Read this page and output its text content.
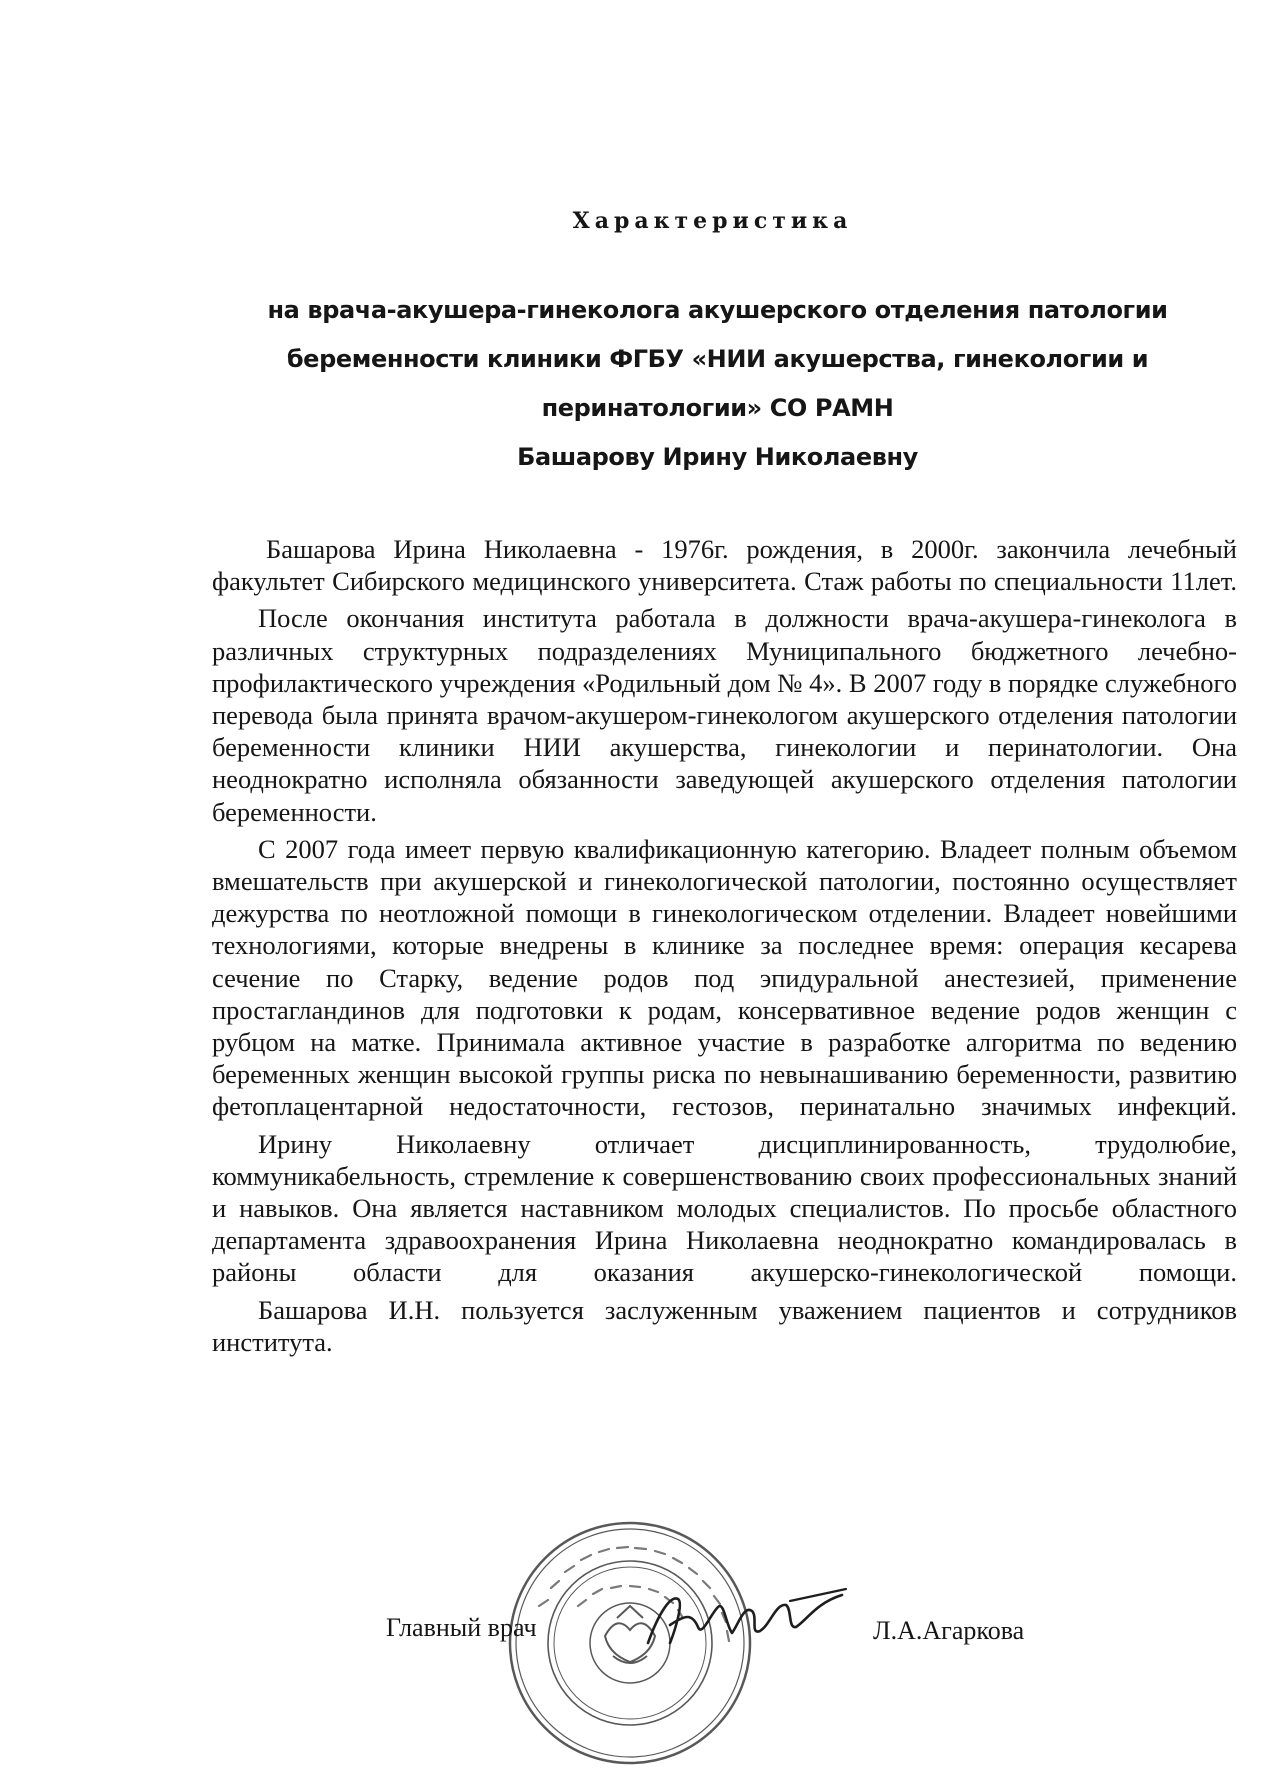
Характеристика
на врача-акушера-гинеколога акушерского отделения патологии
беременности клиники ФГБУ «НИИ акушерства, гинекологии и
перинатологии» СО РАМН
Башарову Ирину Николаевну

Башарова Ирина Николаевна - 1976г. рождения, в 2000г. закончила лечебный факультет Сибирского медицинского университета. Стаж работы по специальности 11лет.

После окончания института работала в должности врача-акушера-гинеколога в различных структурных подразделениях Муниципального бюджетного лечебно-профилактического учреждения «Родильный дом № 4». В 2007 году в порядке служебного перевода была принята врачом-акушером-гинекологом акушерского отделения патологии беременности клиники НИИ акушерства, гинекологии и перинатологии. Она неоднократно исполняла обязанности заведующей акушерского отделения патологии беременности.

С 2007 года имеет первую квалификационную категорию. Владеет полным объемом вмешательств при акушерской и гинекологической патологии, постоянно осуществляет дежурства по неотложной помощи в гинекологическом отделении. Владеет новейшими технологиями, которые внедрены в клинике за последнее время: операция кесарева сечение по Старку, ведение родов под эпидуральной анестезией, применение простагландинов для подготовки к родам, консервативное ведение родов женщин с рубцом на матке. Принимала активное участие в разработке алгоритма по ведению беременных женщин высокой группы риска по невынашиванию беременности, развитию фетоплацентарной недостаточности, гестозов, перинатально значимых инфекций.

Ирину Николаевну отличает дисциплинированность, трудолюбие, коммуникабельность, стремление к совершенствованию своих профессиональных знаний и навыков. Она является наставником молодых специалистов. По просьбе областного департамента здравоохранения Ирина Николаевна неоднократно командировалась в районы области для оказания акушерско-гинекологической помощи.

Башарова И.Н. пользуется заслуженным уважением пациентов и сотрудников института.

Главный врач	Л.А.Агаркова
